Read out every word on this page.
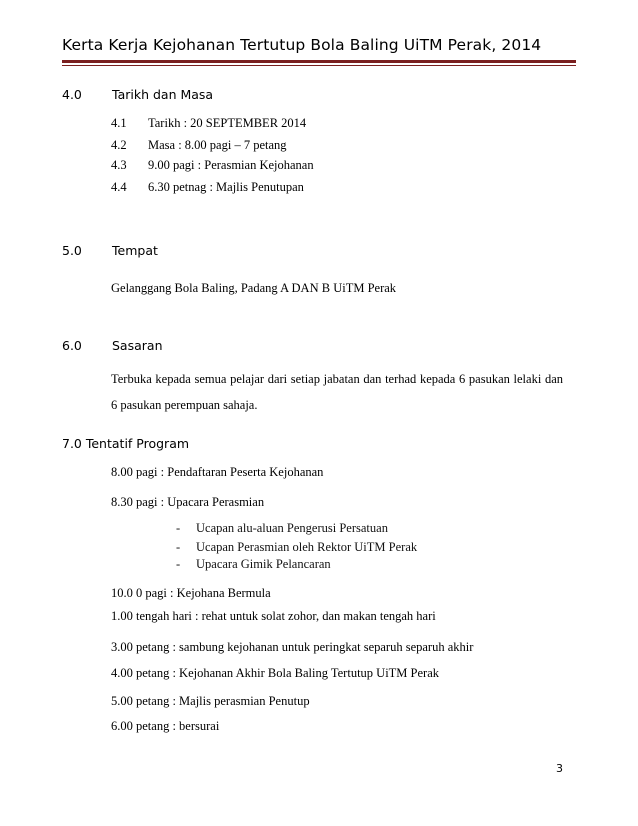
Kerta Kerja Kejohanan Tertutup Bola Baling UiTM Perak, 2014
4.0 Tarikh dan Masa
4.1 Tarikh : 20 SEPTEMBER 2014
4.2 Masa : 8.00 pagi – 7 petang
4.3 9.00 pagi : Perasmian Kejohanan
4.4 6.30 petnag : Majlis Penutupan
5.0 Tempat
Gelanggang Bola Baling, Padang A DAN B UiTM Perak
6.0 Sasaran
Terbuka kepada semua pelajar dari setiap jabatan dan terhad kepada 6 pasukan lelaki dan 6 pasukan perempuan sahaja.
7.0 Tentatif Program
8.00 pagi : Pendaftaran Peserta Kejohanan
8.30 pagi : Upacara Perasmian
- Ucapan alu-aluan Pengerusi Persatuan
- Ucapan Perasmian oleh Rektor UiTM Perak
- Upacara Gimik Pelancaran
10.0 0 pagi : Kejohana Bermula
1.00 tengah hari : rehat untuk solat zohor, dan makan tengah hari
3.00 petang : sambung kejohanan untuk peringkat separuh separuh akhir
4.00 petang : Kejohanan Akhir Bola Baling Tertutup UiTM Perak
5.00 petang : Majlis perasmian Penutup
6.00 petang : bersurai
3
